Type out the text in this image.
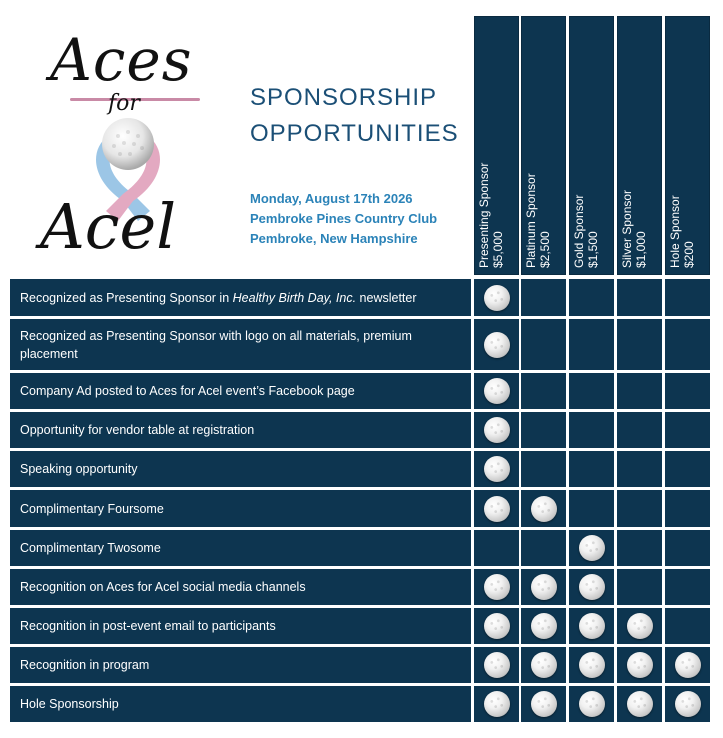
Aces
for
Acel
SPONSORSHIP OPPORTUNITIES
Monday, August 17th 2026
Pembroke Pines Country Club
Pembroke, New Hampshire	Presenting Sponsor $5,000 Platinum Sponsor $2,500 Gold Sponsor $1,500 Silver Sponsor $1,000 Hole Sponsor $200
Recognized as Presenting Sponsor in Healthy Birth Day, Inc. newsletter
Recognized as Presenting Sponsor with logo on all materials, premium placement
Company Ad posted to Aces for Acel event’s Facebook page
Opportunity for vendor table at registration
Speaking opportunity
Complimentary Foursome
Complimentary Twosome
Recognition on Aces for Acel social media channels
Recognition in post-event email to participants
Recognition in program
Hole Sponsorship
